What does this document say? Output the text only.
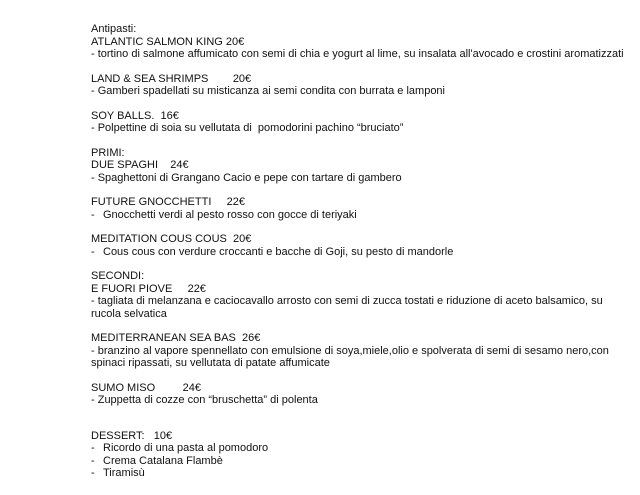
Antipasti:
ATLANTIC SALMON KING 20€
- tortino di salmone affumicato con semi di chia e yogurt al lime, su insalata all'avocado e crostini aromatizzati
LAND & SEA SHRIMPS        20€
- Gamberi spadellati su misticanza ai semi condita con burrata e lamponi
SOY BALLS.  16€
- Polpettine di soia su vellutata di  pomodorini pachino “bruciato”
PRIMI:
DUE SPAGHI    24€
- Spaghettoni di Grangano Cacio e pepe con tartare di gambero
FUTURE GNOCCHETTI     22€
- Gnocchetti verdi al pesto rosso con gocce di teriyaki
MEDITATION COUS COUS  20€
- Cous cous con verdure croccanti e bacche di Goji, su pesto di mandorle
SECONDI:
E FUORI PIOVE     22€
- tagliata di melanzana e caciocavallo arrosto con semi di zucca tostati e riduzione di aceto balsamico, su rucola selvatica
MEDITERRANEAN SEA BAS  26€
- branzino al vapore spennellato con emulsione di soya,miele,olio e spolverata di semi di sesamo nero,con spinaci ripassati, su vellutata di patate affumicate
SUMO MISO         24€
- Zuppetta di cozze con “bruschetta” di polenta
DESSERT:   10€
- Ricordo di una pasta al pomodoro
- Crema Catalana Flambè
- Tiramisù
